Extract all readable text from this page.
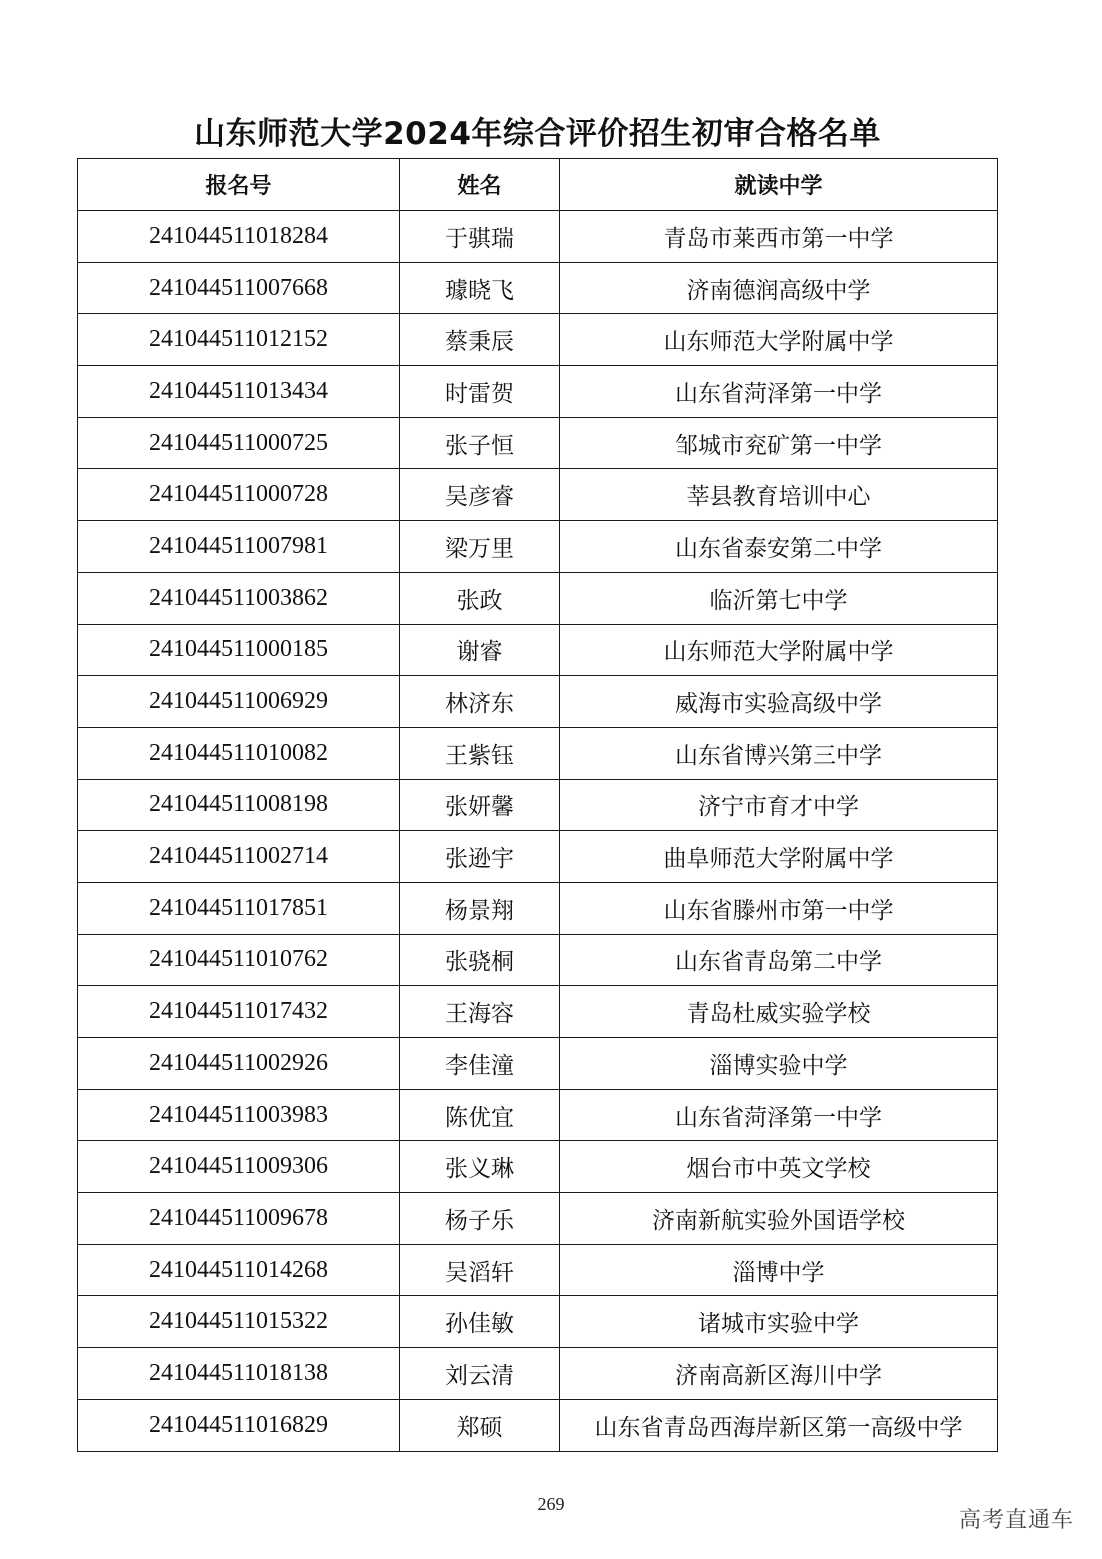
山东师范大学2024年综合评价招生初审合格名单
报名号	姓名	就读中学
241044511018284	于骐瑞	青岛市莱西市第一中学
241044511007668	璩晓飞	济南德润高级中学
241044511012152	蔡秉辰	山东师范大学附属中学
241044511013434	时雷贺	山东省菏泽第一中学
241044511000725	张子恒	邹城市兖矿第一中学
241044511000728	吴彦睿	莘县教育培训中心
241044511007981	梁万里	山东省泰安第二中学
241044511003862	张政	临沂第七中学
241044511000185	谢睿	山东师范大学附属中学
241044511006929	林济东	威海市实验高级中学
241044511010082	王紫钰	山东省博兴第三中学
241044511008198	张妍馨	济宁市育才中学
241044511002714	张逊宇	曲阜师范大学附属中学
241044511017851	杨景翔	山东省滕州市第一中学
241044511010762	张骁桐	山东省青岛第二中学
241044511017432	王海容	青岛杜威实验学校
241044511002926	李佳潼	淄博实验中学
241044511003983	陈优宜	山东省菏泽第一中学
241044511009306	张义琳	烟台市中英文学校
241044511009678	杨子乐	济南新航实验外国语学校
241044511014268	吴滔轩	淄博中学
241044511015322	孙佳敏	诸城市实验中学
241044511018138	刘云清	济南高新区海川中学
241044511016829	郑硕	山东省青岛西海岸新区第一高级中学
269
高考直通车
